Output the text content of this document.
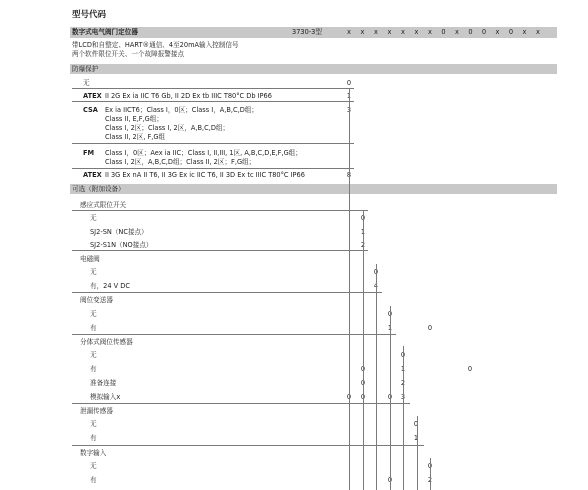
型号代码
数字式电气阀门定位器	3730-3型	x	x	x	x	x	x	x	0	x	0	0	x	0	x	x
带LCD和自整定、HART®通信、4至20mA输入控制信号
两个软件限位开关、一个故障报警接点
防爆保护
无	0
ATEX II 2G Ex ia IIC T6 Gb, II 2D Ex tb IIIC T80°C Db IP66	1
CSA Ex ia IICT6；Class I，0区；Class I，A,B,C,D组；
Class II, E,F,G组；
Class I, 2区；Class I, 2区，A,B,C,D组；
Class II, 2区, F,G组
3
FM Class I，0区；Aex ia IIC；Class I, II,III, 1区, A,B,C,D,E,F,G组；
Class I, 2区，A,B,C,D组；Class II, 2区；F,G组；
ATEX II 3G Ex nA II T6, II 3G Ex ic IIC T6, II 3D Ex tc IIIC T80°C IP66	8
可选（附加设备）
感应式限位开关
无	0
SJ2-SN（NC接点）	1
SJ2-S1N（NO接点）	2
电磁阀
无	0
有，24 V DC	4
阀位变送器
无	0
有	1	0
分体式阀位传感器
无	0
有	0	1	0
准备连接	0	2
模拟输入x	0	0	0	3
泄漏传感器
无	0
有	1
数字输入
无	0
有	0	2
